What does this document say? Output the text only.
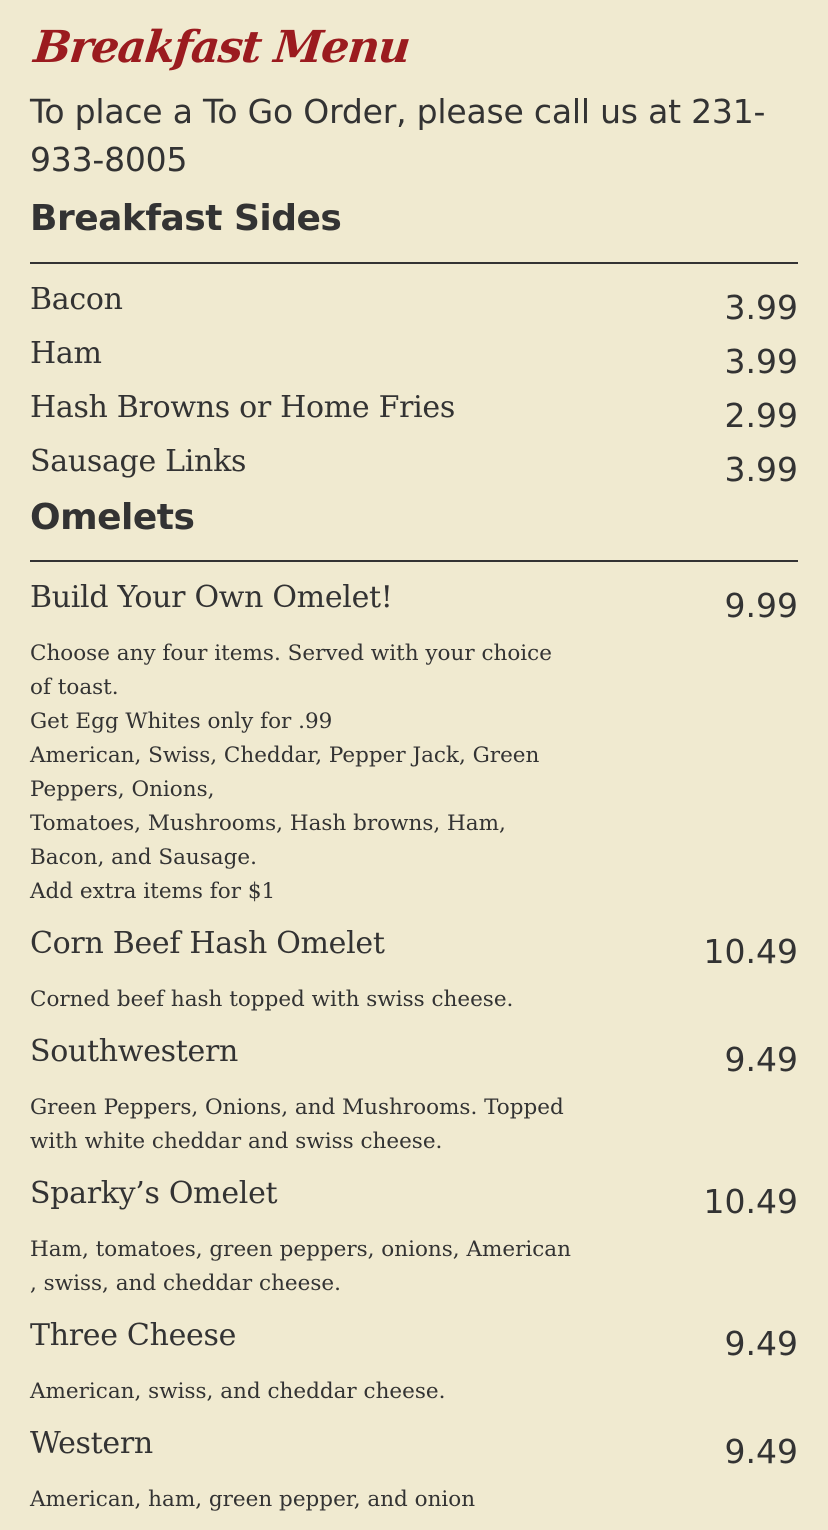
Breakfast Menu

To place a To Go Order, please call us at 231-933-8005

Breakfast Sides
Bacon	3.99
Ham	3.99
Hash Browns or Home Fries	2.99
Sausage Links	3.99
Omelets
Build Your Own Omelet!	9.99

Choose any four items. Served with your choice
of toast.
Get Egg Whites only for .99
American, Swiss, Cheddar, Pepper Jack, Green
Peppers, Onions,
Tomatoes, Mushrooms, Hash browns, Ham,
Bacon, and Sausage.
Add extra items for $1

Corn Beef Hash Omelet	10.49

Corned beef hash topped with swiss cheese.

Southwestern	9.49

Green Peppers, Onions, and Mushrooms. Topped
with white cheddar and swiss cheese.

Sparky’s Omelet	10.49

Ham, tomatoes, green peppers, onions, American
, swiss, and cheddar cheese.

Three Cheese	9.49

American, swiss, and cheddar cheese.

Western	9.49

American, ham, green pepper, and onion
